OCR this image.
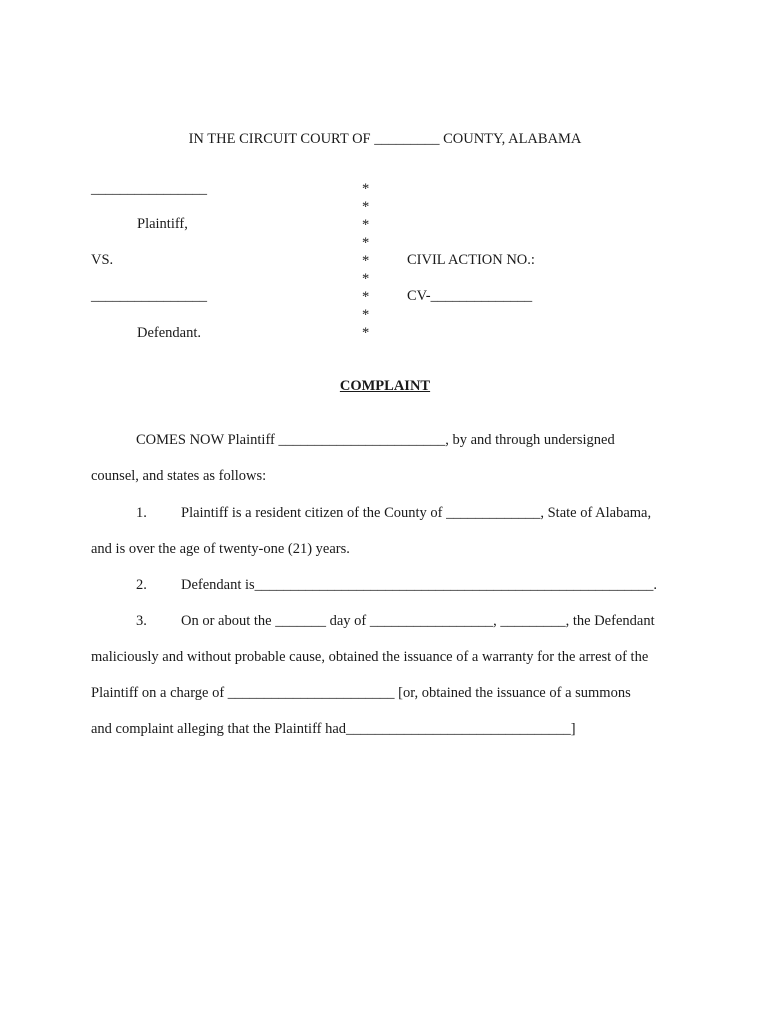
IN THE CIRCUIT COURT OF _________ COUNTY, ALABAMA
________________
Plaintiff,
VS.
________________
Defendant.

*

*

*

*

*

*

*

*

*

CIVIL ACTION NO.:
CV-______________
COMPLAINT
COMES NOW Plaintiff _______________________, by and through undersigned
counsel, and states as follows:
1. Plaintiff is a resident citizen of the County of _____________, State of Alabama,
and is over the age of twenty-one (21) years.
2. Defendant is_______________________________________________________.
3. On or about the _______ day of _________________, _________, the Defendant
maliciously and without probable cause, obtained the issuance of a warranty for the arrest of the
Plaintiff on a charge of _______________________ [or, obtained the issuance of a summons
and complaint alleging that the Plaintiff had_______________________________]
